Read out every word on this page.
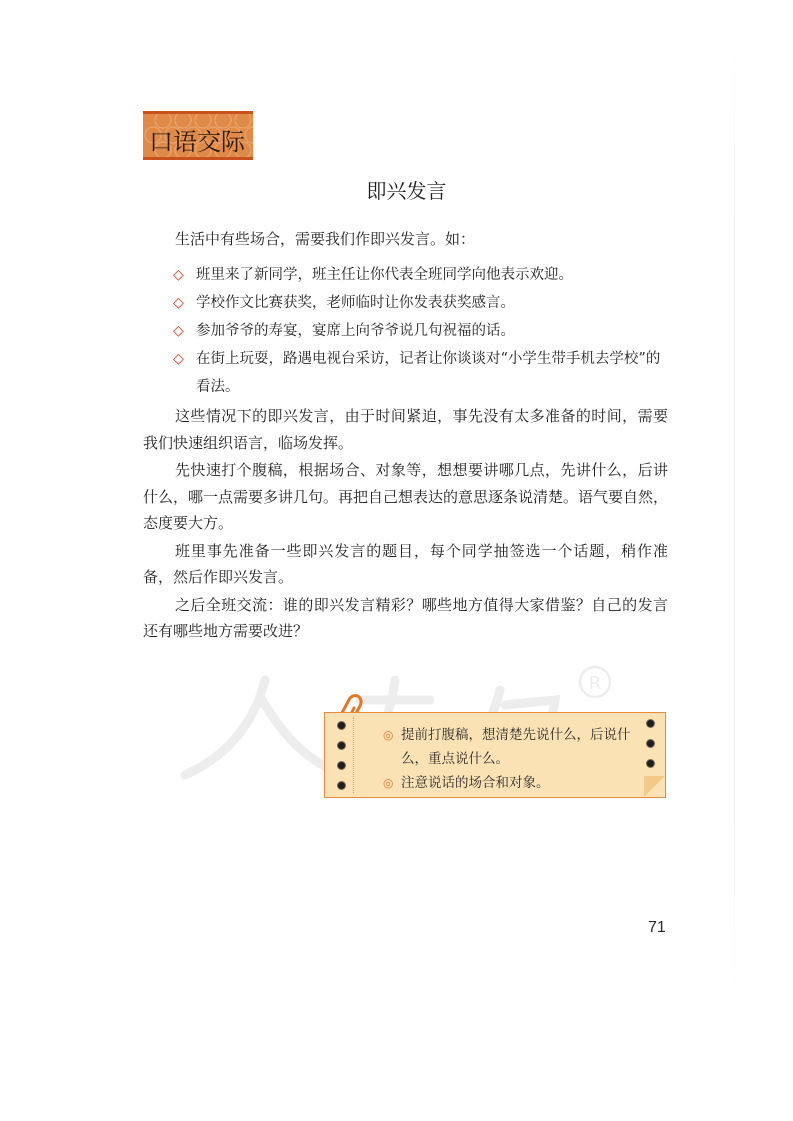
口语交际
即兴发言
生活中有些场合，需要我们作即兴发言。如：
◇ 班里来了新同学，班主任让你代表全班同学向他表示欢迎。
◇ 学校作文比赛获奖，老师临时让你发表获奖感言。
◇ 参加爷爷的寿宴，宴席上向爷爷说几句祝福的话。
◇ 在街上玩耍，路遇电视台采访，记者让你谈谈对“小学生带手机去学校”的看法。

这些情况下的即兴发言，由于时间紧迫，事先没有太多准备的时间，需要我们快速组织语言，临场发挥。

先快速打个腹稿，根据场合、对象等，想想要讲哪几点，先讲什么，后讲什么，哪一点需要多讲几句。再把自己想表达的意思逐条说清楚。语气要自然，态度要大方。

班里事先准备一些即兴发言的题目，每个同学抽签选一个话题，稍作准备，然后作即兴发言。

之后全班交流：谁的即兴发言精彩？哪些地方值得大家借鉴？自己的发言还有哪些地方需要改进？

R
◎ 提前打腹稿，想清楚先说什么，后说什么，重点说什么。
◎ 注意说话的场合和对象。
71
